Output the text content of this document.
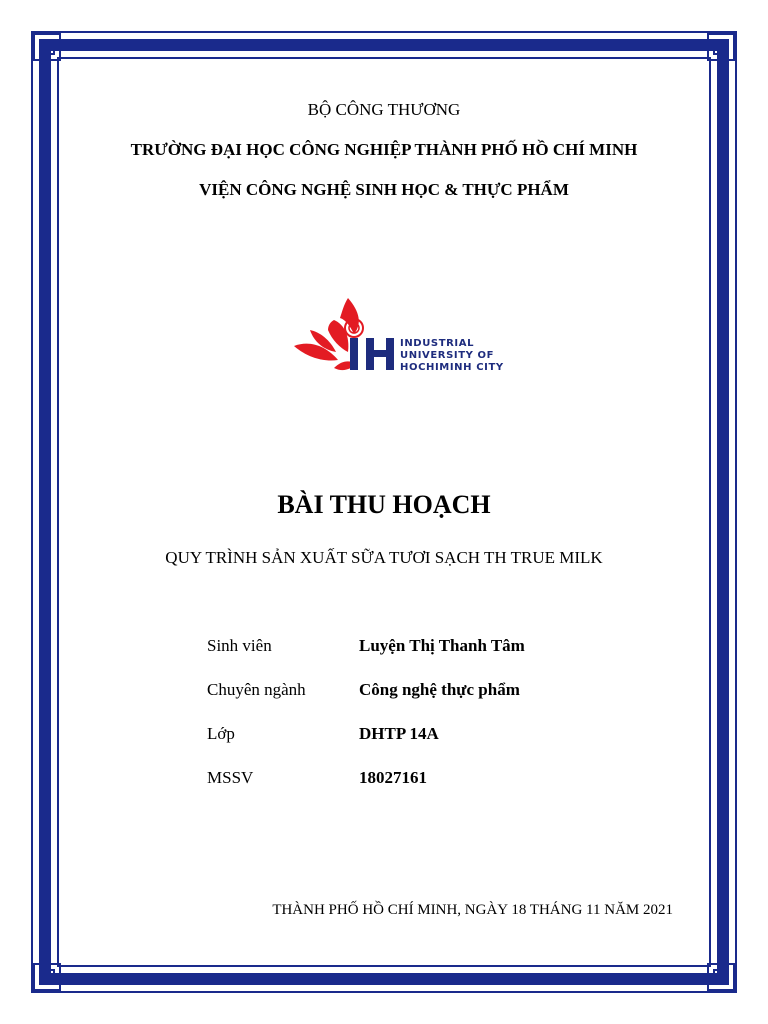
BỘ CÔNG THƯƠNG
TRƯỜNG ĐẠI HỌC CÔNG NGHIỆP THÀNH PHỐ HỒ CHÍ MINH
VIỆN CÔNG NGHỆ SINH HỌC & THỰC PHẨM
INDUSTRIAL
UNIVERSITY OF
HOCHIMINH CITY
BÀI THU HOẠCH
QUY TRÌNH SẢN XUẤT SỮA TƯƠI SẠCH TH TRUE MILK
Sinh viên	Luyện Thị Thanh Tâm
Chuyên ngành	Công nghệ thực phẩm
Lớp	DHTP 14A
MSSV	18027161
THÀNH PHỐ HỒ CHÍ MINH, NGÀY 18 THÁNG 11 NĂM 2021
